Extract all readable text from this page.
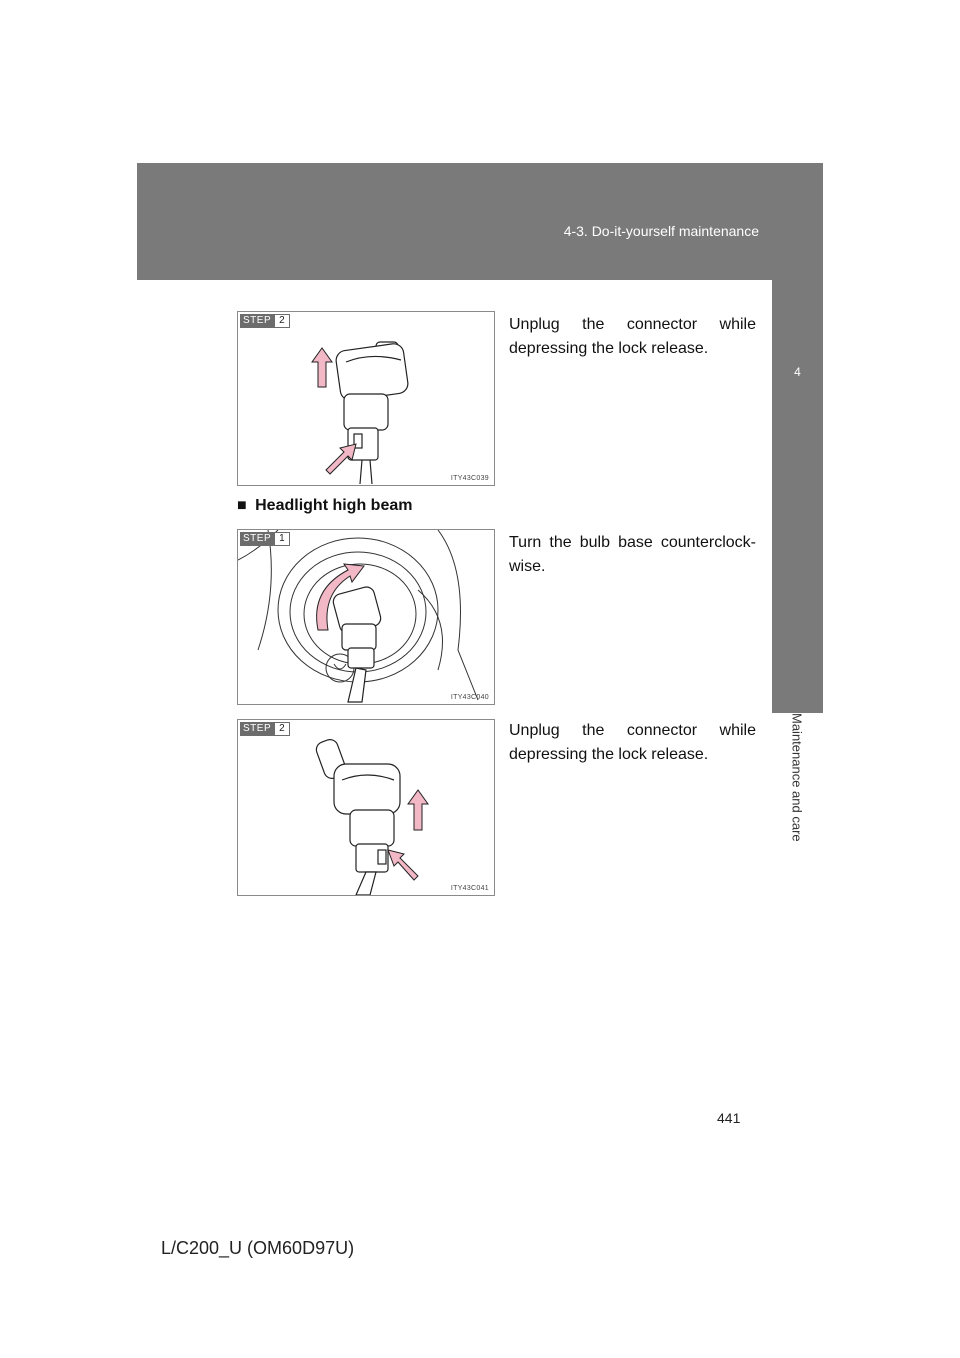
4-3. Do-it-yourself maintenance
4
Maintenance and care
STEP 2
ITY43C039
Unplug the connector while depressing the lock release.
■ Headlight high beam
STEP 1
ITY43C040
Turn the bulb base counterclock-wise.
STEP 2
ITY43C041
Unplug the connector while depressing the lock release.
441
L/C200_U (OM60D97U)
